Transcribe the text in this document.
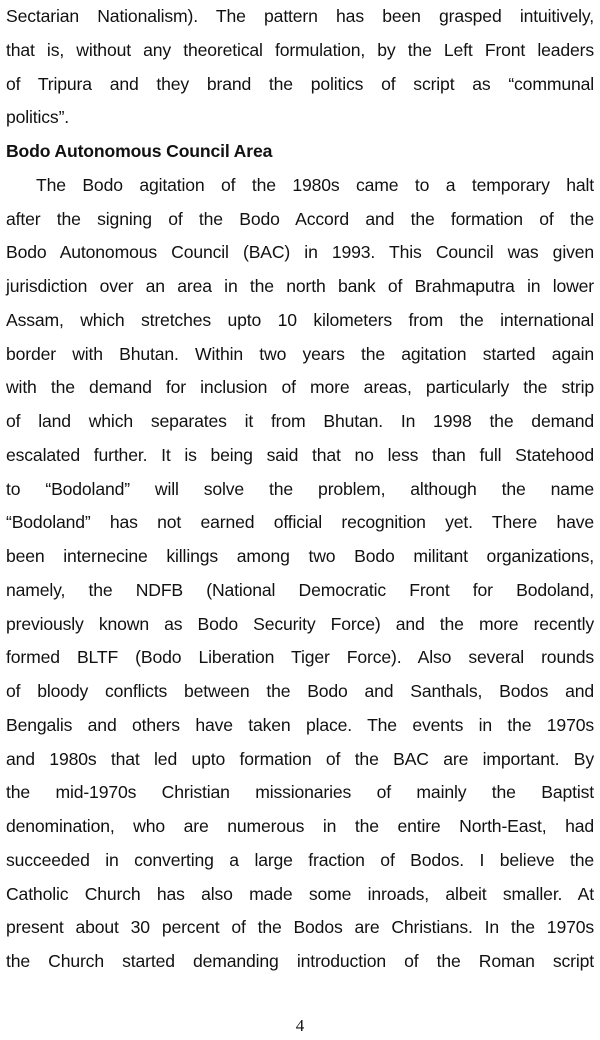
Sectarian Nationalism). The pattern has been grasped intuitively,
that is, without any theoretical formulation, by the Left Front leaders
of Tripura and they brand the politics of script as “communal
politics”.
Bodo Autonomous Council Area
The Bodo agitation of the 1980s came to a temporary halt
after the signing of the Bodo Accord and the formation of the
Bodo Autonomous Council (BAC) in 1993. This Council was given
jurisdiction over an area in the north bank of Brahmaputra in lower
Assam, which stretches upto 10 kilometers from the international
border with Bhutan. Within two years the agitation started again
with the demand for inclusion of more areas, particularly the strip
of land which separates it from Bhutan. In 1998 the demand
escalated further. It is being said that no less than full Statehood
to “Bodoland” will solve the problem, although the name
“Bodoland” has not earned official recognition yet. There have
been internecine killings among two Bodo militant organizations,
namely, the NDFB (National Democratic Front for Bodoland,
previously known as Bodo Security Force) and the more recently
formed BLTF (Bodo Liberation Tiger Force). Also several rounds
of bloody conflicts between the Bodo and Santhals, Bodos and
Bengalis and others have taken place. The events in the 1970s
and 1980s that led upto formation of the BAC are important. By
the mid-1970s Christian missionaries of mainly the Baptist
denomination, who are numerous in the entire North-East, had
succeeded in converting a large fraction of Bodos. I believe the
Catholic Church has also made some inroads, albeit smaller. At
present about 30 percent of the Bodos are Christians. In the 1970s
the Church started demanding introduction of the Roman script
4
